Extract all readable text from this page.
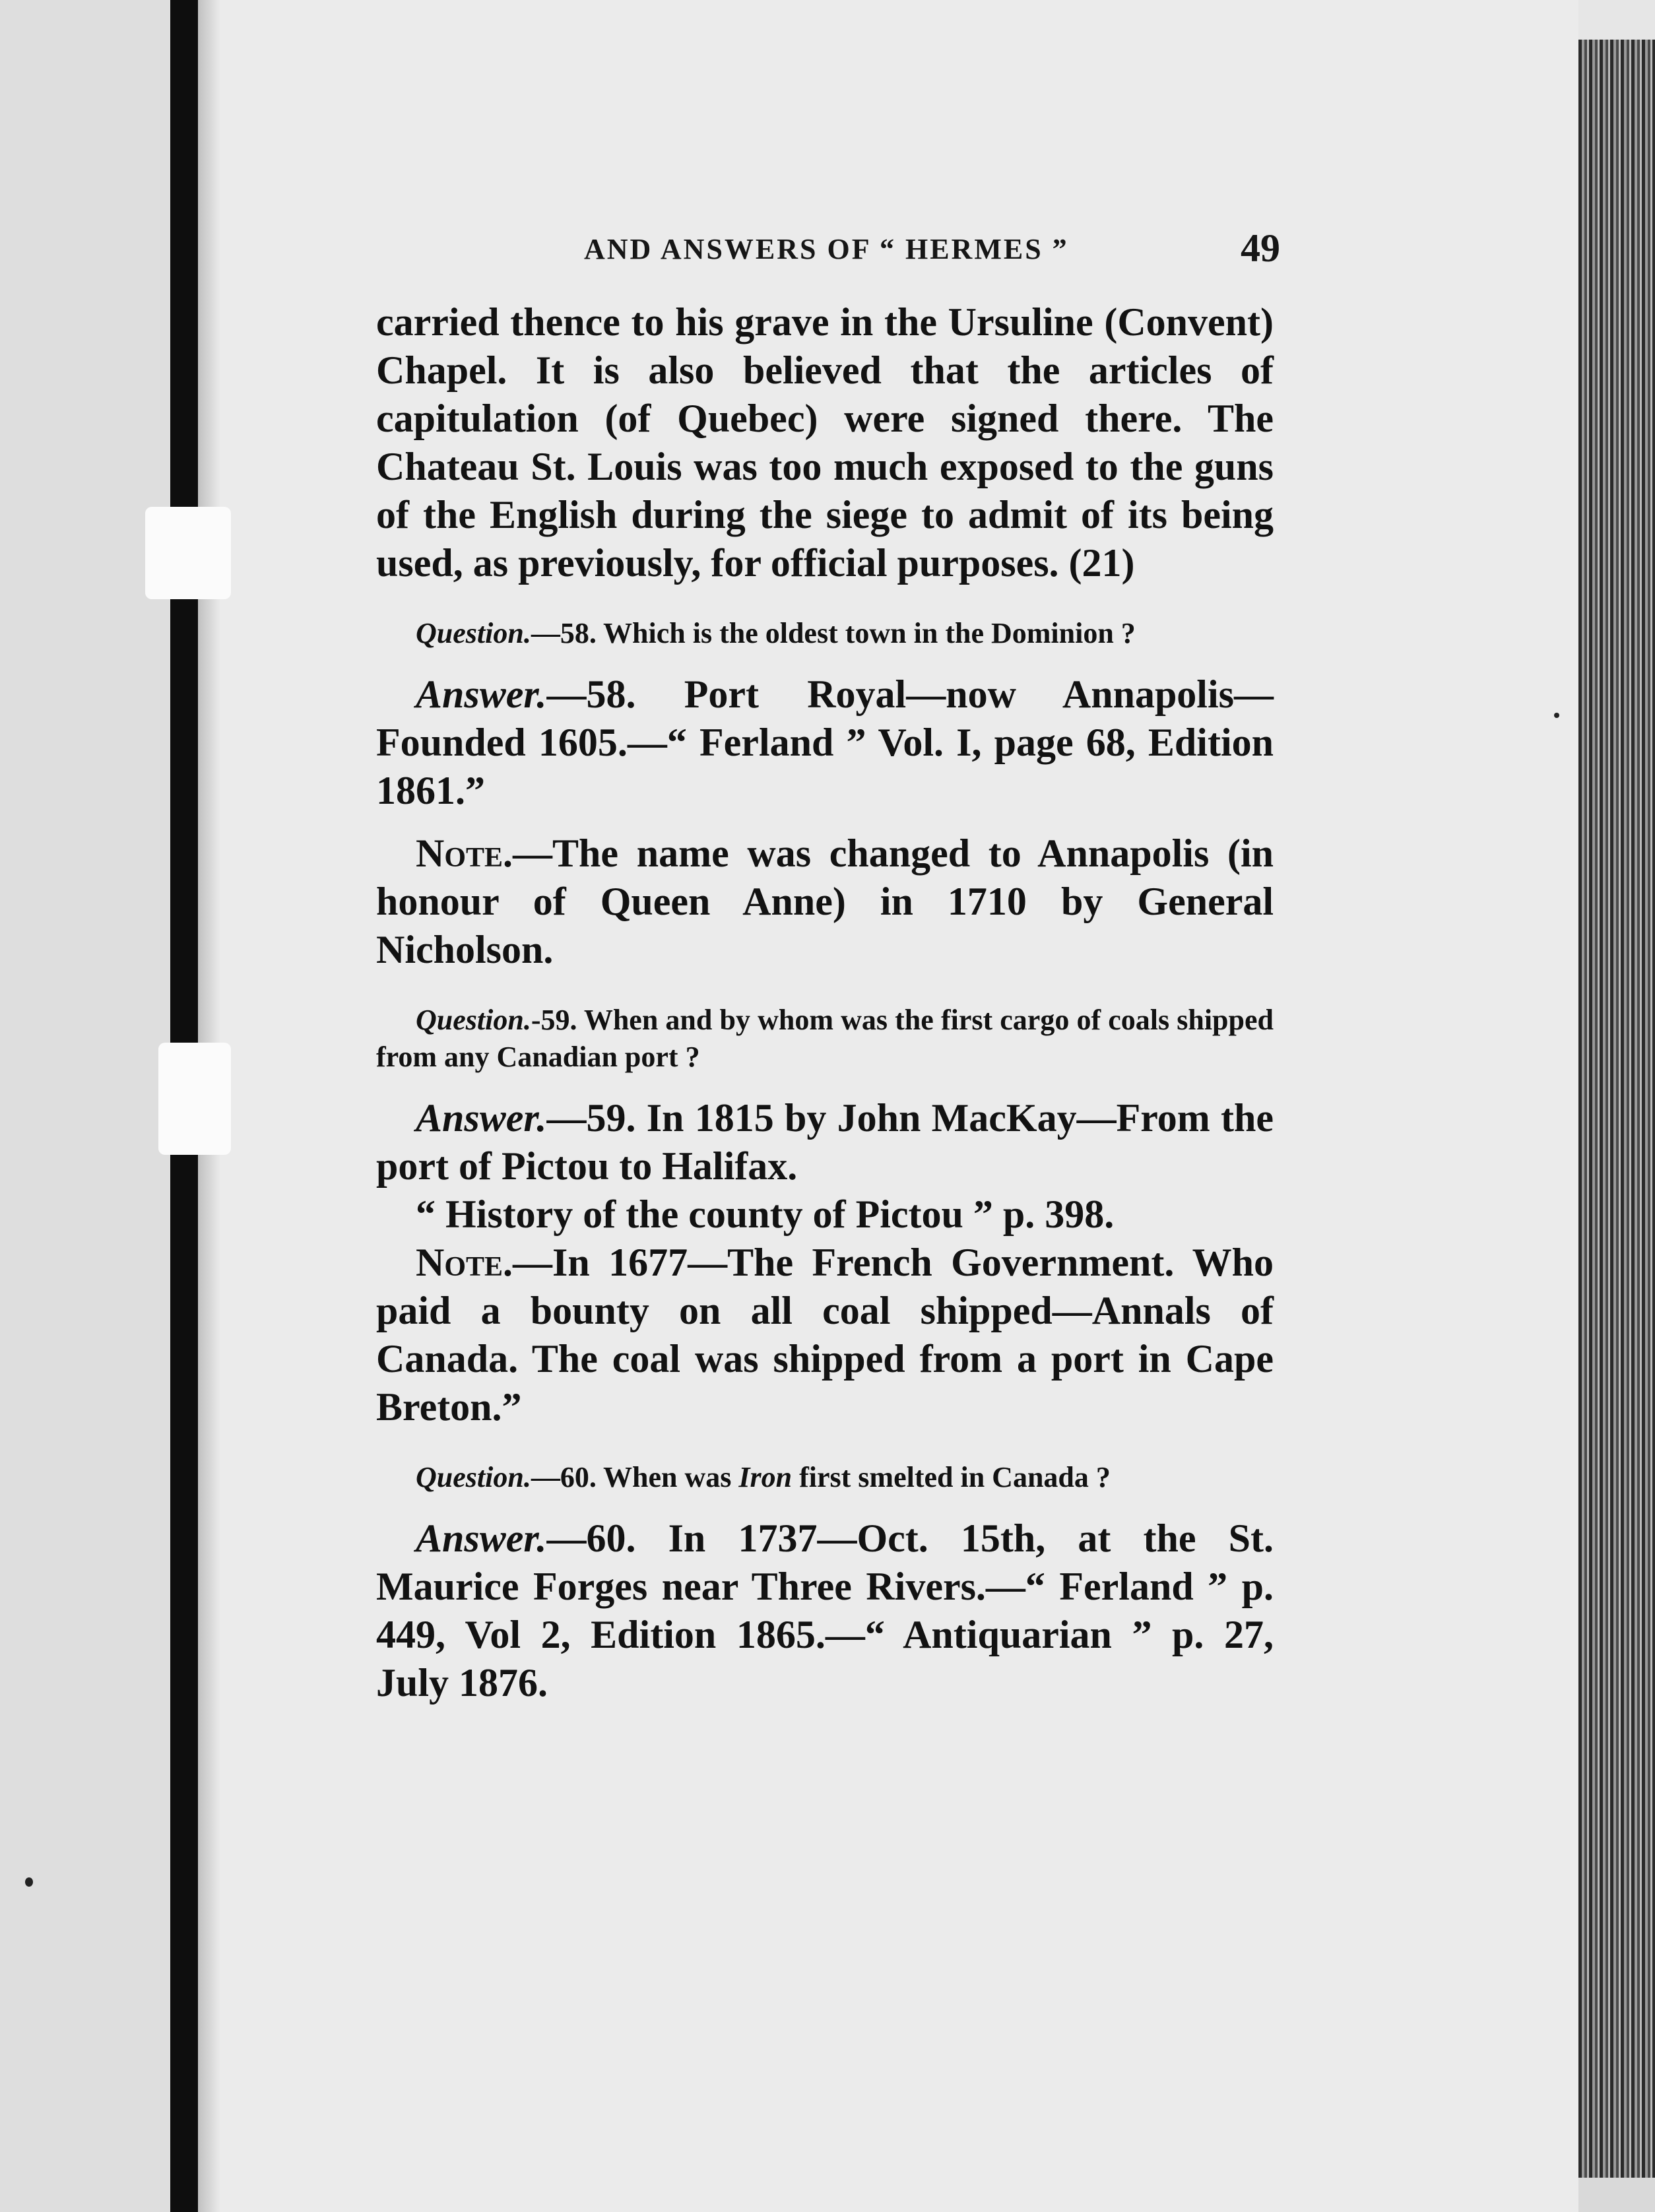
AND ANSWERS OF “ HERMES ”	49

carried thence to his grave in the Ursuline (Convent) Chapel. It is also believed that the articles of capitulation (of Quebec) were signed there. The Chateau St. Louis was too much exposed to the guns of the English during the siege to admit of its being used, as previously, for official purposes. (21)

Question.—58. Which is the oldest town in the Dominion ?

Answer.—58. Port Royal—now Annapolis—Founded 1605.—“ Ferland ” Vol. I, page 68, Edition 1861.”

Note.—The name was changed to Annapolis (in honour of Queen Anne) in 1710 by General Nicholson.

Question.-59. When and by whom was the first cargo of coals shipped from any Canadian port ?

Answer.—59. In 1815 by John MacKay—From the port of Pictou to Halifax.

“ History of the county of Pictou ” p. 398.

Note.—In 1677—The French Government. Who paid a bounty on all coal shipped—Annals of Canada. The coal was shipped from a port in Cape Breton.”

Question.—60. When was Iron first smelted in Canada ?

Answer.—60. In 1737—Oct. 15th, at the St. Maurice Forges near Three Rivers.—“ Ferland ” p. 449, Vol 2, Edition 1865.—“ Antiquarian ” p. 27, July 1876.
